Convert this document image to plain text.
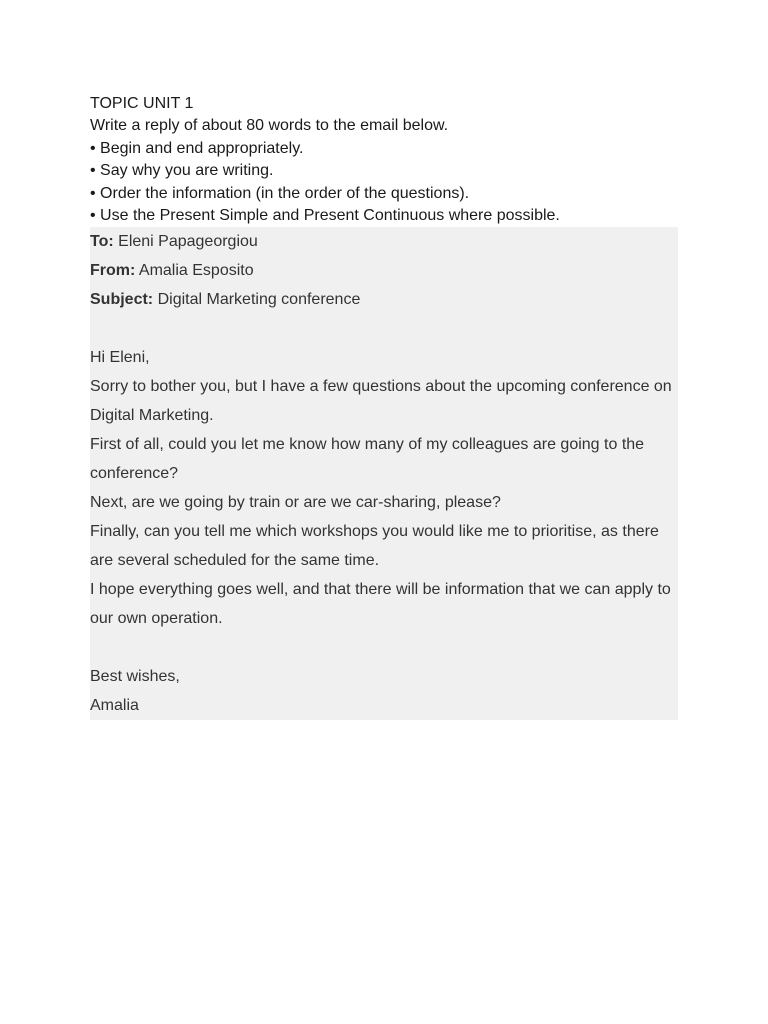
TOPIC UNIT 1
Write a reply of about 80 words to the email below.
• Begin and end appropriately.
• Say why you are writing.
• Order the information (in the order of the questions).
• Use the Present Simple and Present Continuous where possible.

To: Eleni Papageorgiou

From: Amalia Esposito

Subject: Digital Marketing conference

Hi Eleni,

Sorry to bother you, but I have a few questions about the upcoming conference on Digital Marketing.

First of all, could you let me know how many of my colleagues are going to the conference?

Next, are we going by train or are we car-sharing, please?

Finally, can you tell me which workshops you would like me to prioritise, as there are several scheduled for the same time.

I hope everything goes well, and that there will be information that we can apply to our own operation.

Best wishes,

Amalia
